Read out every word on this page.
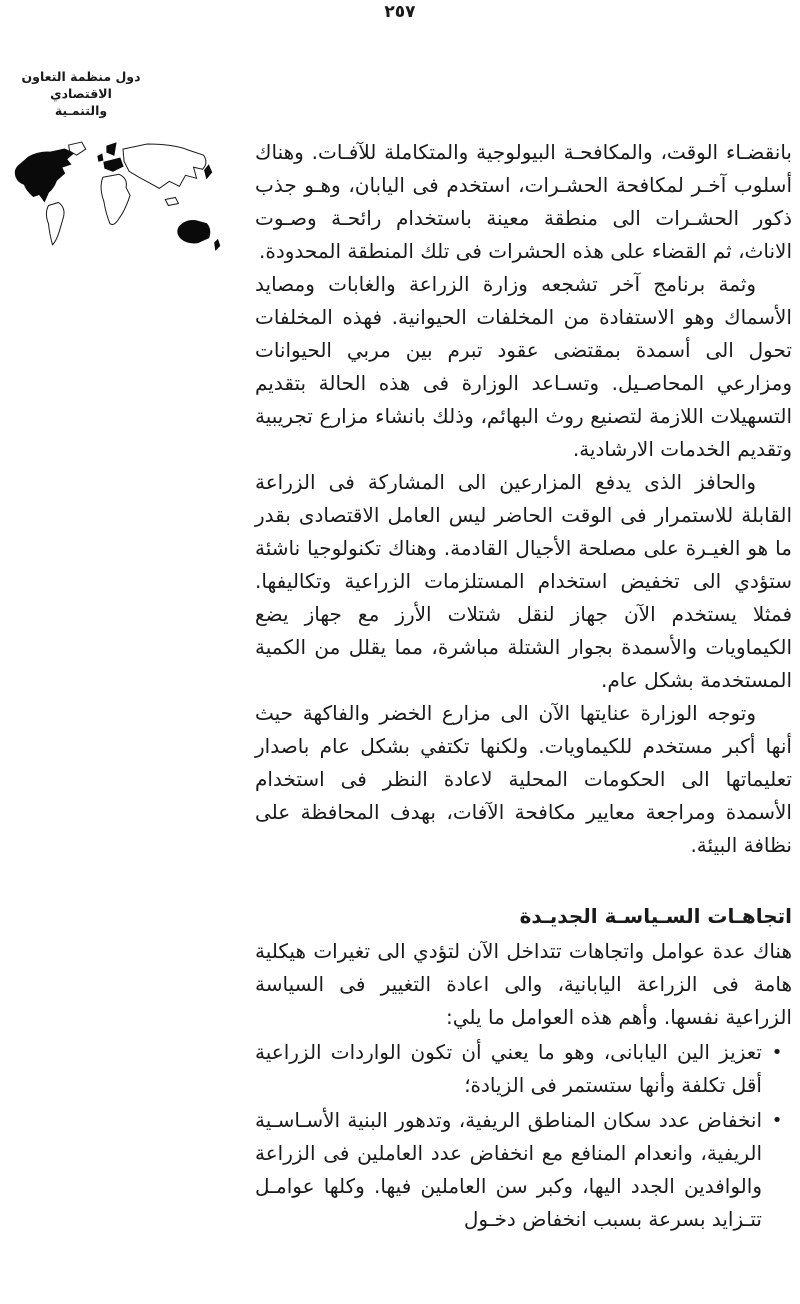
٢٥٧
دول منظمة التعاون الاقتصادي
والتنمـية

بانقضـاء الوقت، والمكافحـة البيولوجية والمتكاملة للآفـات. وهناك أسلوب آخـر لمكافحة الحشـرات، استخدم فى اليابان، وهـو جذب ذكور الحشـرات الى منطقة معينة باستخدام رائحـة وصـوت الاناث، ثم القضاء على هذه الحشرات فى تلك المنطقة المحدودة.

وثمة برنامج آخر تشجعه وزارة الزراعة والغابات ومصايد الأسماك وهو الاستفادة من المخلفات الحيوانية. فهذه المخلفات تحول الى أسمدة بمقتضى عقود تبرم بين مربي الحيوانات ومزارعي المحاصـيل. وتسـاعد الوزارة فى هذه الحالة بتقديم التسهيلات اللازمة لتصنيع روث البهائم، وذلك بانشاء مزارع تجريبية وتقديم الخدمات الارشادية.

والحافز الذى يدفع المزارعين الى المشاركة فى الزراعة القابلة للاستمرار فى الوقت الحاضر ليس العامل الاقتصادى بقدر ما هو الغيـرة على مصلحة الأجيال القادمة. وهناك تكنولوجيا ناشئة ستؤدي الى تخفيض استخدام المستلزمات الزراعية وتكاليفها. فمثلا يستخدم الآن جهاز لنقل شتلات الأرز مع جهاز يضع الكيماويات والأسمدة بجوار الشتلة مباشرة، مما يقلل من الكمية المستخدمة بشكل عام.

وتوجه الوزارة عنايتها الآن الى مزارع الخضر والفاكهة حيث أنها أكبر مستخدم للكيماويات. ولكنها تكتفي بشكل عام باصدار تعليماتها الى الحكومات المحلية لاعادة النظر فى استخدام الأسمدة ومراجعة معايير مكافحة الآفات، بهدف المحافظة على نظافة البيئة.

اتجاهـات السـياسـة الجديـدة

هناك عدة عوامل واتجاهات تتداخل الآن لتؤدي الى تغيرات هيكلية هامة فى الزراعة اليابانية، والى اعادة التغيير فى السياسة الزراعية نفسها. وأهم هذه العوامل ما يلي:

•

تعزيز الين اليابانى، وهو ما يعني أن تكون الواردات الزراعية أقل تكلفة وأنها ستستمر فى الزيادة؛

•

انخفاض عدد سكان المناطق الريفية، وتدهور البنية الأسـاسـية الريفية، وانعدام المنافع مع انخفاض عدد العاملين فى الزراعة والوافدين الجدد اليها، وكبر سن العاملين فيها. وكلها عوامـل تتـزايد بسرعة بسبب انخفاض دخـول
